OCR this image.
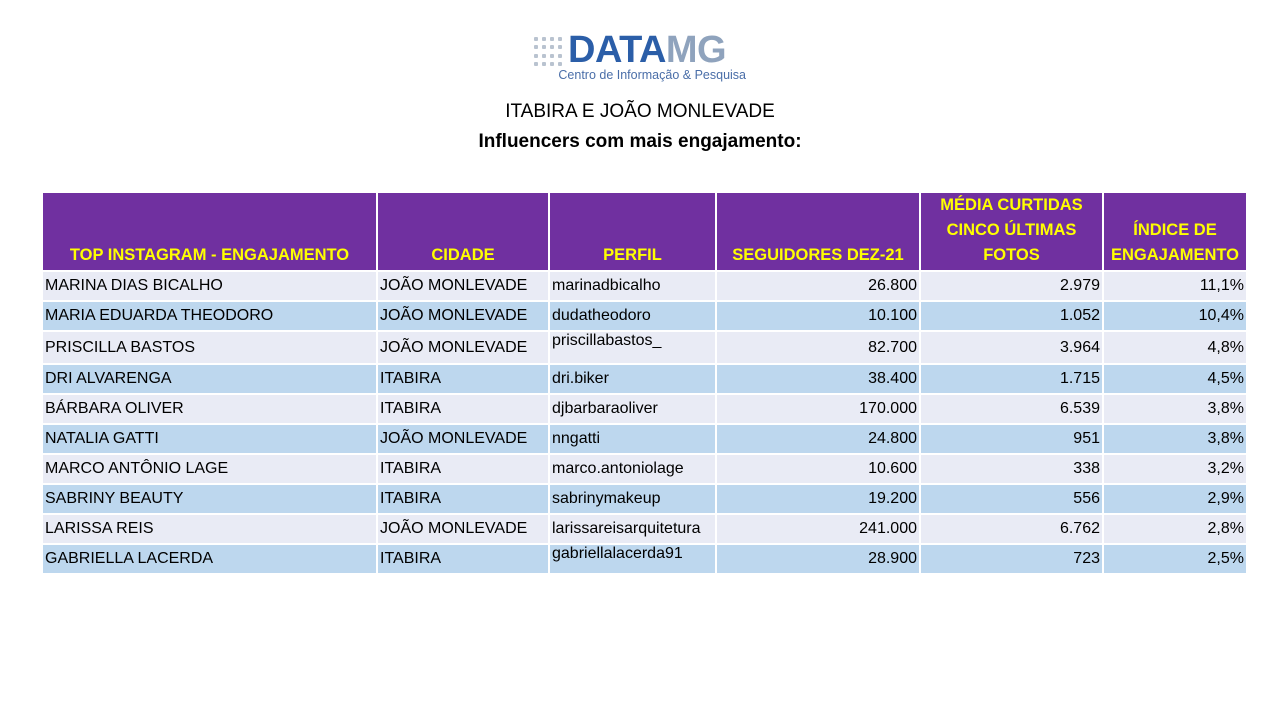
DATAMG
Centro de Informação & Pesquisa
ITABIRA E JOÃO MONLEVADE
Influencers com mais engajamento:
TOP INSTAGRAM - ENGAJAMENTO	CIDADE	PERFIL	SEGUIDORES DEZ-21	MÉDIA CURTIDAS CINCO ÚLTIMAS FOTOS	ÍNDICE DE ENGAJAMENTO
MARINA DIAS BICALHO	JOÃO MONLEVADE	marinadbicalho	26.800	2.979	11,1%
MARIA EDUARDA THEODORO	JOÃO MONLEVADE	dudatheodoro	10.100	1.052	10,4%
PRISCILLA BASTOS	JOÃO MONLEVADE	priscillabastos_	82.700	3.964	4,8%
DRI ALVARENGA	ITABIRA	dri.biker	38.400	1.715	4,5%
BÁRBARA OLIVER	ITABIRA	djbarbaraoliver	170.000	6.539	3,8%
NATALIA GATTI	JOÃO MONLEVADE	nngatti	24.800	951	3,8%
MARCO ANTÔNIO LAGE	ITABIRA	marco.antoniolage	10.600	338	3,2%
SABRINY BEAUTY	ITABIRA	sabrinymakeup	19.200	556	2,9%
LARISSA REIS	JOÃO MONLEVADE	larissareisarquitetura	241.000	6.762	2,8%
GABRIELLA LACERDA	ITABIRA	gabriellalacerda91	28.900	723	2,5%
